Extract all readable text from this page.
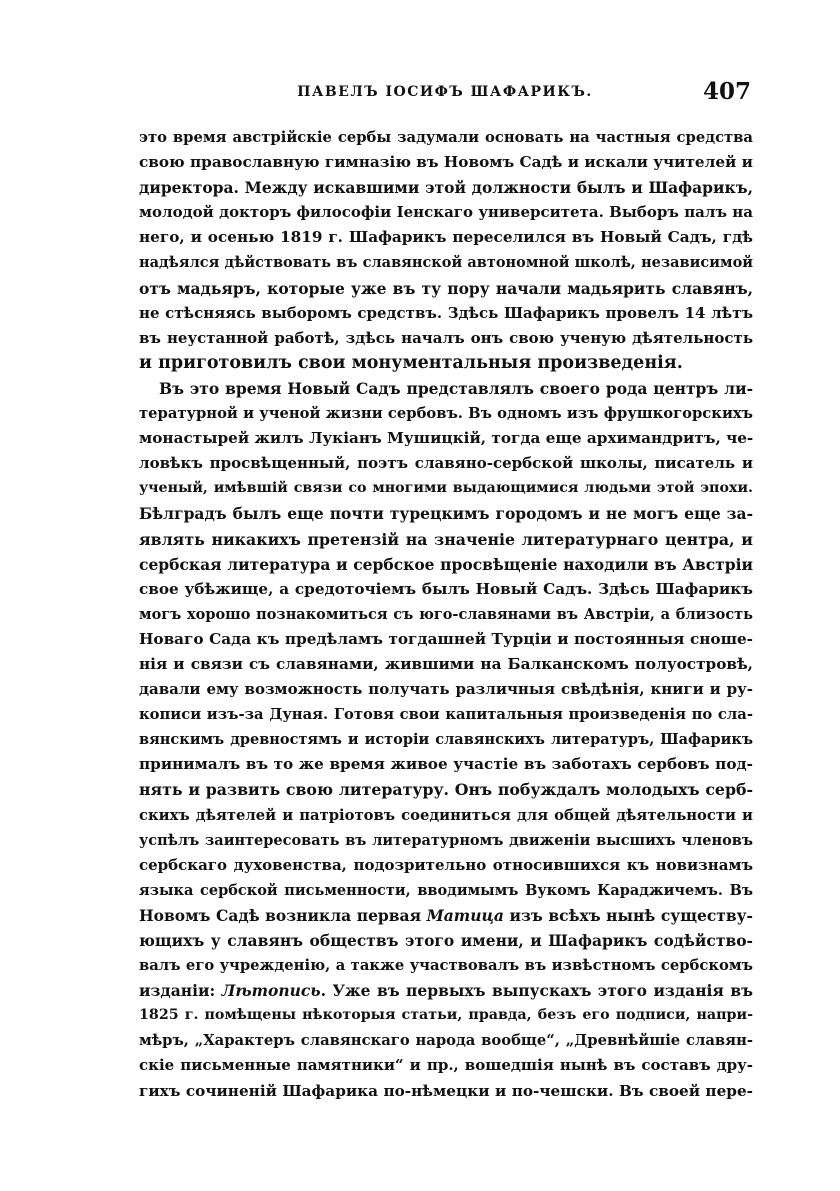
ПАВЕЛЪ ІОСИФЪ ШАФАРИКЪ.	407
это время австрійскіе сербы задумали основать на частныя средства
свою православную гимназію въ Новомъ Садѣ и искали учителей и
директора. Между искавшими этой должности былъ и Шафарикъ,
молодой докторъ философіи Іенскаго университета. Выборъ палъ на
него, и осенью 1819 г. Шафарикъ переселился въ Новый Садъ, гдѣ
надѣялся дѣйствовать въ славянской автономной школѣ, независимой
отъ мадьяръ, которые уже въ ту пору начали мадьярить славянъ,
не стѣсняясь выборомъ средствъ. Здѣсь Шафарикъ провелъ 14 лѣтъ
въ неустанной работѣ, здѣсь началъ онъ свою ученую дѣятельность
и приготовилъ свои монументальныя произведенія.
Въ это время Новый Садъ представлялъ своего рода центръ ли-
тературной и ученой жизни сербовъ. Въ одномъ изъ фрушкогорскихъ
монастырей жилъ Лукіанъ Мушицкій, тогда еще архимандритъ, че-
ловѣкъ просвѣщенный, поэтъ славяно-сербской школы, писатель и
ученый, имѣвшій связи со многими выдающимися людьми этой эпохи.
Бѣлградъ былъ еще почти турецкимъ городомъ и не могъ еще за-
являть никакихъ претензій на значеніе литературнаго центра, и
сербская литература и сербское просвѣщеніе находили въ Австріи
свое убѣжище, а средоточіемъ былъ Новый Садъ. Здѣсь Шафарикъ
могъ хорошо познакомиться съ юго-славянами въ Австріи, а близость
Новаго Сада къ предѣламъ тогдашней Турціи и постоянныя сноше-
нія и связи съ славянами, жившими на Балканскомъ полуостровѣ,
давали ему возможность получать различныя свѣдѣнія, книги и ру-
кописи изъ-за Дуная. Готовя свои капитальныя произведенія по сла-
вянскимъ древностямъ и исторіи славянскихъ литературъ, Шафарикъ
принималъ въ то же время живое участіе въ заботахъ сербовъ под-
нять и развить свою литературу. Онъ побуждалъ молодыхъ серб-
скихъ дѣятелей и патріотовъ соединиться для общей дѣятельности и
успѣлъ заинтересовать въ литературномъ движеніи высшихъ членовъ
сербскаго духовенства, подозрительно относившихся къ новизнамъ
языка сербской письменности, вводимымъ Вукомъ Караджичемъ. Въ
Новомъ Садѣ возникла первая Матица изъ всѣхъ нынѣ существу-
ющихъ у славянъ обществъ этого имени, и Шафарикъ содѣйство-
валъ его учрежденію, а также участвовалъ въ извѣстномъ сербскомъ
изданіи: Лѣтопись. Уже въ первыхъ выпускахъ этого изданія въ
1825 г. помѣщены нѣкоторыя статьи, правда, безъ его подписи, напри-
мѣръ, „Характеръ славянскаго народа вообще“, „Древнѣйшіе славян-
скіе письменные памятники“ и пр., вошедшія нынѣ въ составъ дру-
гихъ сочиненій Шафарика по-нѣмецки и по-чешски. Въ своей пере-
